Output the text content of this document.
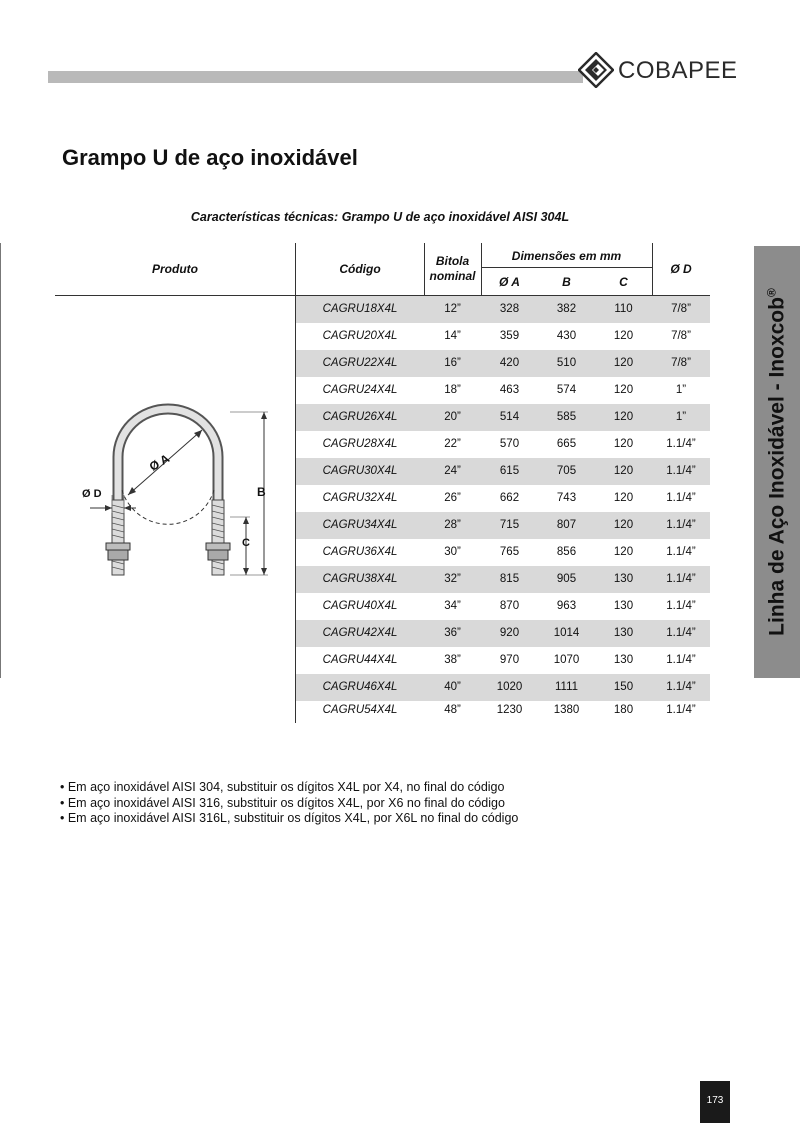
COBAPEE
Grampo U de aço inoxidável
Características técnicas: Grampo U de aço inoxidável AISI 304L
Linha de Aço Inoxidável - Inoxcob®
Produto	Código
Bitola
nominal
Dimensões em mm
Ø A	B	C
Ø D
CAGRU18X4L	12”	328	382	110	7/8”
CAGRU20X4L	14”	359	430	120	7/8”
CAGRU22X4L	16”	420	510	120	7/8”
CAGRU24X4L	18”	463	574	120	1”
CAGRU26X4L	20”	514	585	120	1”
CAGRU28X4L	22”	570	665	120	1.1/4”
CAGRU30X4L	24”	615	705	120	1.1/4”
CAGRU32X4L	26”	662	743	120	1.1/4”
CAGRU34X4L	28”	715	807	120	1.1/4”
CAGRU36X4L	30”	765	856	120	1.1/4”
CAGRU38X4L	32”	815	905	130	1.1/4”
CAGRU40X4L	34”	870	963	130	1.1/4”
CAGRU42X4L	36”	920	1014	130	1.1/4”
CAGRU44X4L	38”	970	1070	130	1.1/4”
CAGRU46X4L	40”	1020	1111	150	1.1/4”
CAGRU54X4L	48”	1230	1380	180	1.1/4”
Ø A
Ø D	B
C
• Em aço inoxidável AISI 304, substituir os dígitos X4L por X4, no final do código
• Em aço inoxidável AISI 316, substituir os dígitos X4L, por X6 no final do código
• Em aço inoxidável AISI 316L, substituir os dígitos X4L, por X6L no final do código
173
